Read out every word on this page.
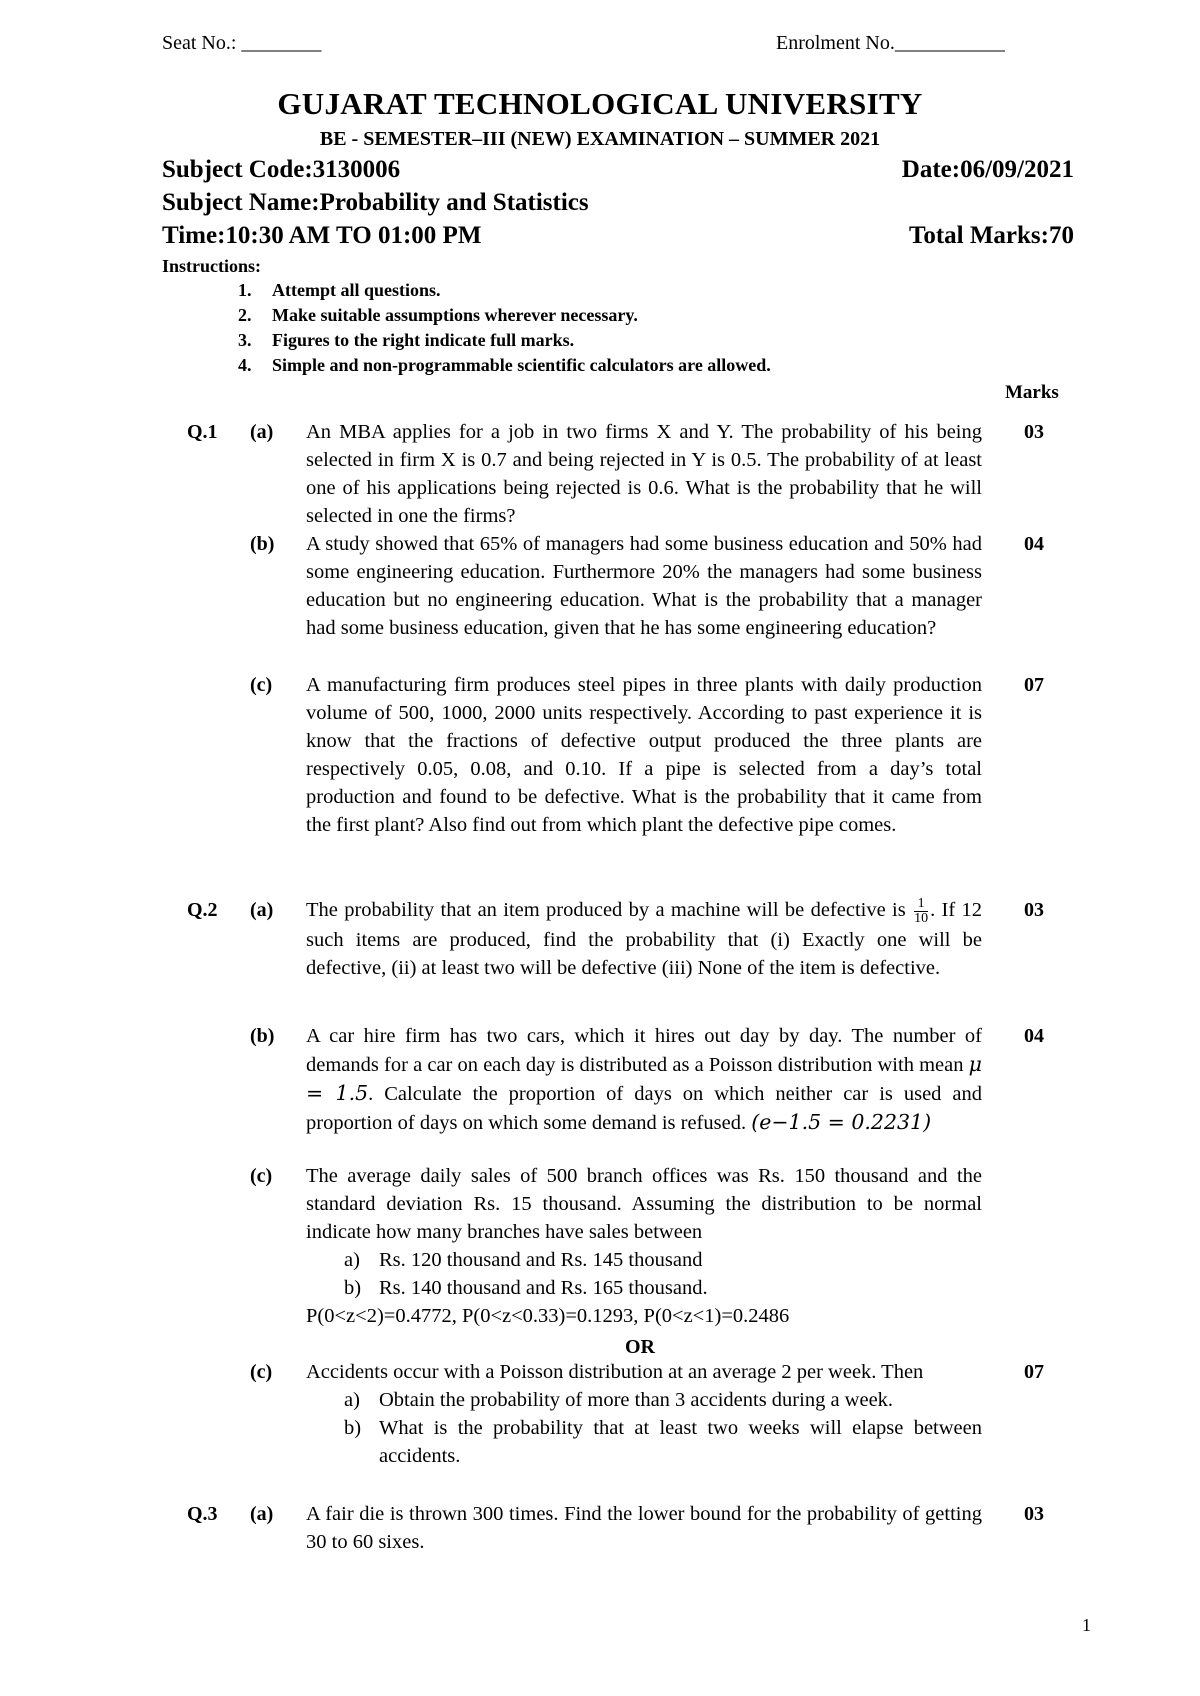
Seat No.: ________	Enrolment No.___________
GUJARAT TECHNOLOGICAL UNIVERSITY
BE - SEMESTER–III (NEW) EXAMINATION – SUMMER 2021
Subject Code:3130006	Date:06/09/2021
Subject Name:Probability and Statistics
Time:10:30 AM TO 01:00 PM	Total Marks:70
Instructions:
1.	Attempt all questions.
2.	Make suitable assumptions wherever necessary.
3.	Figures to the right indicate full marks.
4.	Simple and non-programmable scientific calculators are allowed.
Marks
Q.1 (a) An MBA applies for a job in two firms X and Y. The probability of his being selected in firm X is 0.7 and being rejected in Y is 0.5. The probability of at least one of his applications being rejected is 0.6. What is the probability that he will selected in one the firms?
03
(b) A study showed that 65% of managers had some business education and 50% had some engineering education. Furthermore 20% the managers had some business education but no engineering education. What is the probability that a manager had some business education, given that he has some engineering education?
04
(c) A manufacturing firm produces steel pipes in three plants with daily production volume of 500, 1000, 2000 units respectively. According to past experience it is know that the fractions of defective output produced the three plants are respectively 0.05, 0.08, and 0.10. If a pipe is selected from a day’s total production and found to be defective. What is the probability that it came from the first plant? Also find out from which plant the defective pipe comes.
07
Q.2 (a) The probability that an item produced by a machine will be defective is $\frac{1}{10}$ . If 12 such items are produced, find the probability that (i) Exactly one will be defective, (ii) at least two will be defective (iii) None of the item is defective.

03
(b) A car hire firm has two cars, which it hires out day by day. The number of demands for a car on each day is distributed as a Poisson distribution with mean μ = 1.5. Calculate the proportion of days on which neither car is used and proportion of days on which some demand is refused. (e−1.5 = 0.2231)

04
(c) The average daily sales of 500 branch offices was Rs. 150 thousand and the standard deviation Rs. 15 thousand. Assuming the distribution to be normal indicate how many branches have sales between

a) Rs. 120 thousand and Rs. 145 thousand
b) Rs. 140 thousand and Rs. 165 thousand.

P(0<z<2)=0.4772, P(0<z<0.33)=0.1293, P(0<z<1)=0.2486

OR
(c) Accidents occur with a Poisson distribution at an average 2 per week. Then

a) Obtain the probability of more than 3 accidents during a week.
b) What is the probability that at least two weeks will elapse between accidents.
07
Q.3 (a) A fair die is thrown 300 times. Find the lower bound for the probability of getting 30 to 60 sixes.
03
1
